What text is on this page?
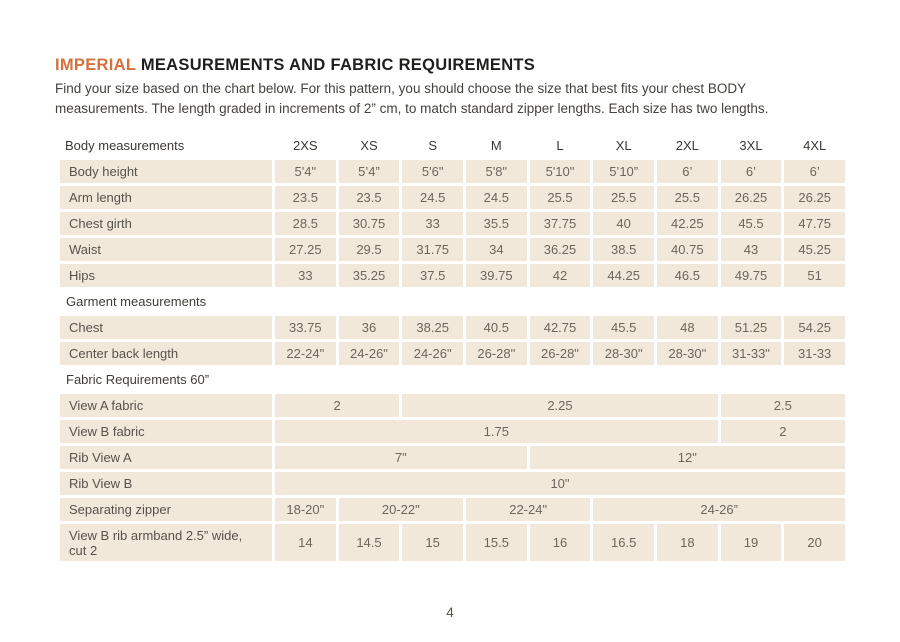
IMPERIAL MEASUREMENTS AND FABRIC REQUIREMENTS
Find your size based on the chart below. For this pattern, you should choose the size that best fits your chest BODY
measurements. The length graded in increments of 2” cm, to match standard zipper lengths. Each size has two lengths.
Body measurements	2XS	XS	S	M	L	XL	2XL	3XL	4XL
Body height	5'4"	5’4”	5'6"	5'8"	5'10"	5’10”	6’	6’	6’
Arm length	23.5	23.5	24.5	24.5	25.5	25.5	25.5	26.25	26.25
Chest girth	28.5	30.75	33	35.5	37.75	40	42.25	45.5	47.75
Waist	27.25	29.5	31.75	34	36.25	38.5	40.75	43	45.25
Hips	33	35.25	37.5	39.75	42	44.25	46.5	49.75	51
Garment measurements
Chest	33.75	36	38.25	40.5	42.75	45.5	48	51.25	54.25
Center back length	22-24"	24-26"	24-26"	26-28"	26-28"	28-30"	28-30"	31-33"	31-33
Fabric Requirements 60”
View A fabric	2	2.25	2.5
View B fabric	1.75	2
Rib View A	7"	12"
Rib View B	10"
Separating zipper	18-20"	20-22"	22-24"	24-26”
View B rib armband 2.5” wide, cut 2	14	14.5	15	15.5	16	16.5	18	19	20
4
